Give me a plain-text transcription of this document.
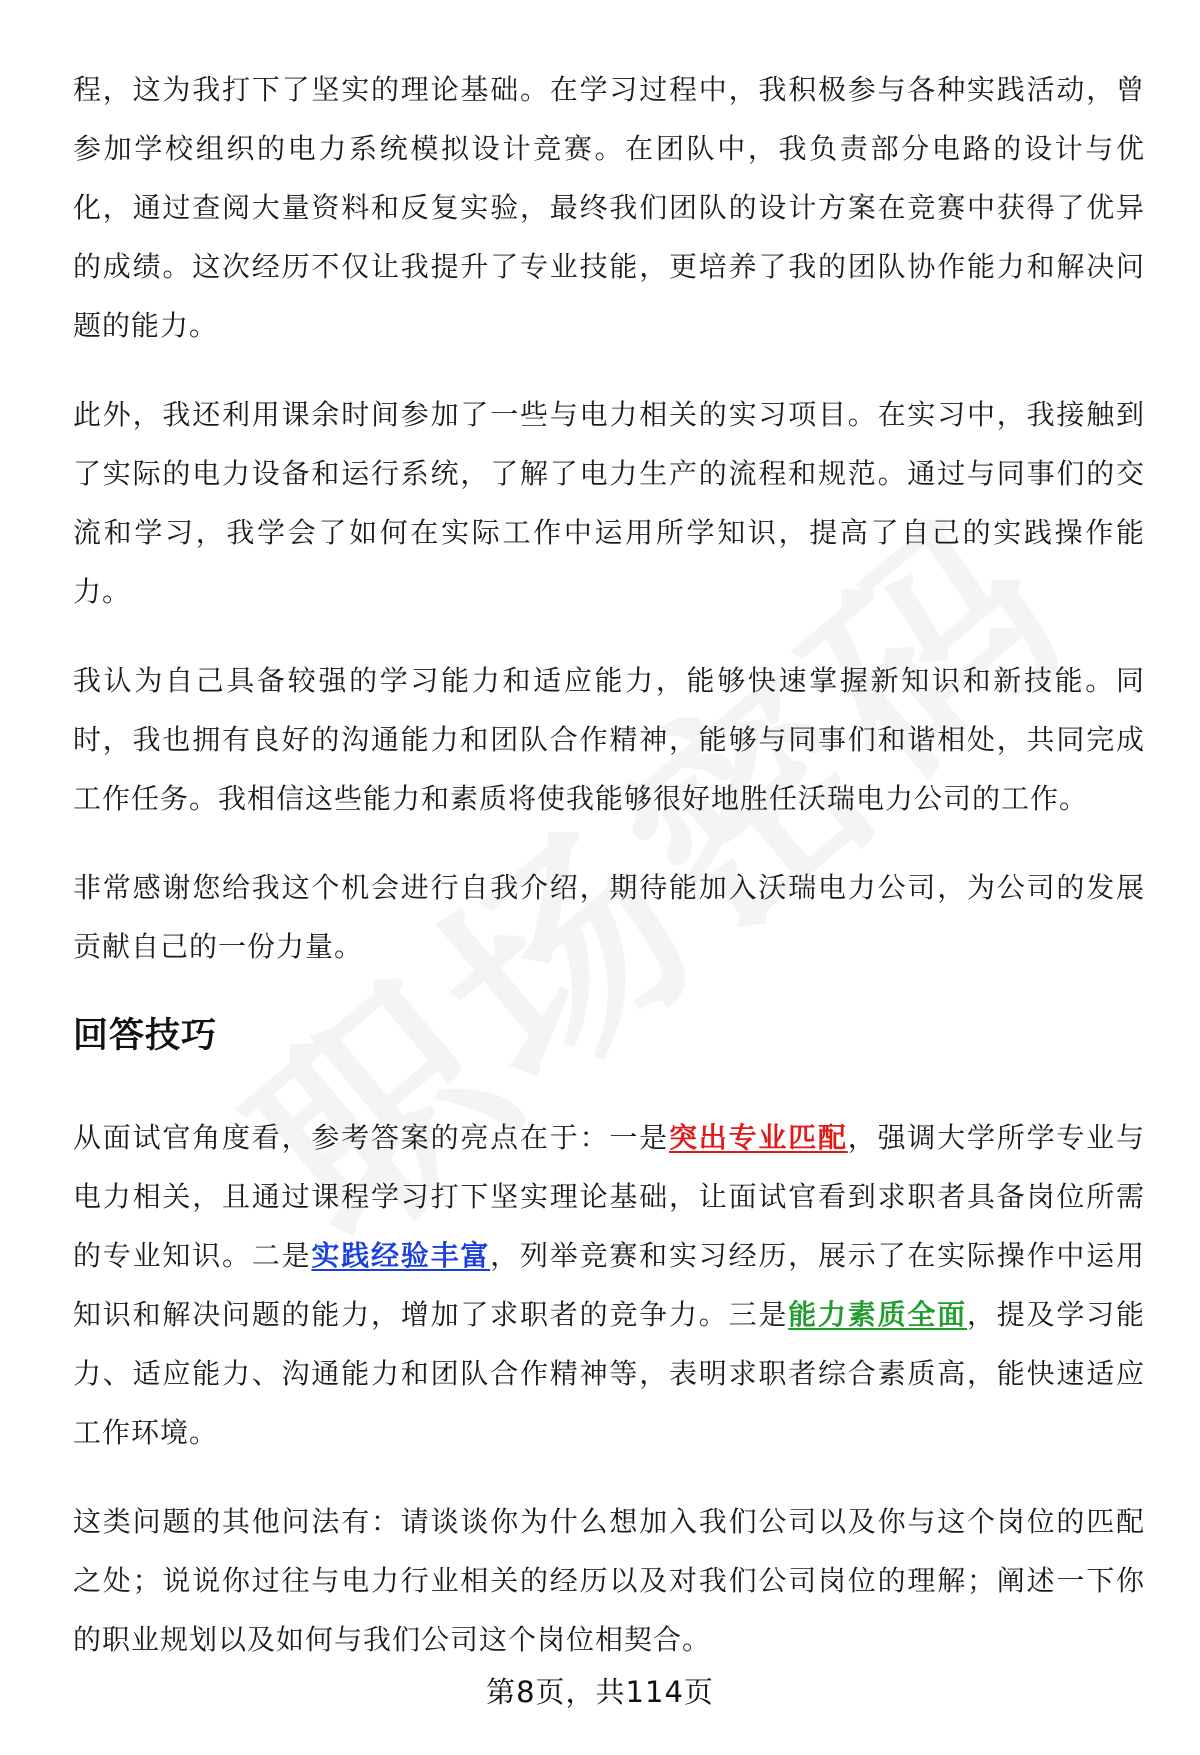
程，这为我打下了坚实的理论基础。在学习过程中，我积极参与各种实践活动，曾参加学校组织的电力系统模拟设计竞赛。在团队中，我负责部分电路的设计与优化，通过查阅大量资料和反复实验，最终我们团队的设计方案在竞赛中获得了优异的成绩。这次经历不仅让我提升了专业技能，更培养了我的团队协作能力和解决问题的能力。

此外，我还利用课余时间参加了一些与电力相关的实习项目。在实习中，我接触到了实际的电力设备和运行系统，了解了电力生产的流程和规范。通过与同事们的交流和学习，我学会了如何在实际工作中运用所学知识，提高了自己的实践操作能力。

我认为自己具备较强的学习能力和适应能力，能够快速掌握新知识和新技能。同时，我也拥有良好的沟通能力和团队合作精神，能够与同事们和谐相处，共同完成工作任务。我相信这些能力和素质将使我能够很好地胜任沃瑞电力公司的工作。

非常感谢您给我这个机会进行自我介绍，期待能加入沃瑞电力公司，为公司的发展贡献自己的一份力量。

回答技巧

从面试官角度看，参考答案的亮点在于：一是突出专业匹配，强调大学所学专业与电力相关，且通过课程学习打下坚实理论基础，让面试官看到求职者具备岗位所需的专业知识。二是实践经验丰富，列举竞赛和实习经历，展示了在实际操作中运用知识和解决问题的能力，增加了求职者的竞争力。三是能力素质全面，提及学习能力、适应能力、沟通能力和团队合作精神等，表明求职者综合素质高，能快速适应工作环境。

这类问题的其他问法有：请谈谈你为什么想加入我们公司以及你与这个岗位的匹配之处；说说你过往与电力行业相关的经历以及对我们公司岗位的理解；阐述一下你的职业规划以及如何与我们公司这个岗位相契合。

第8页，共114页
